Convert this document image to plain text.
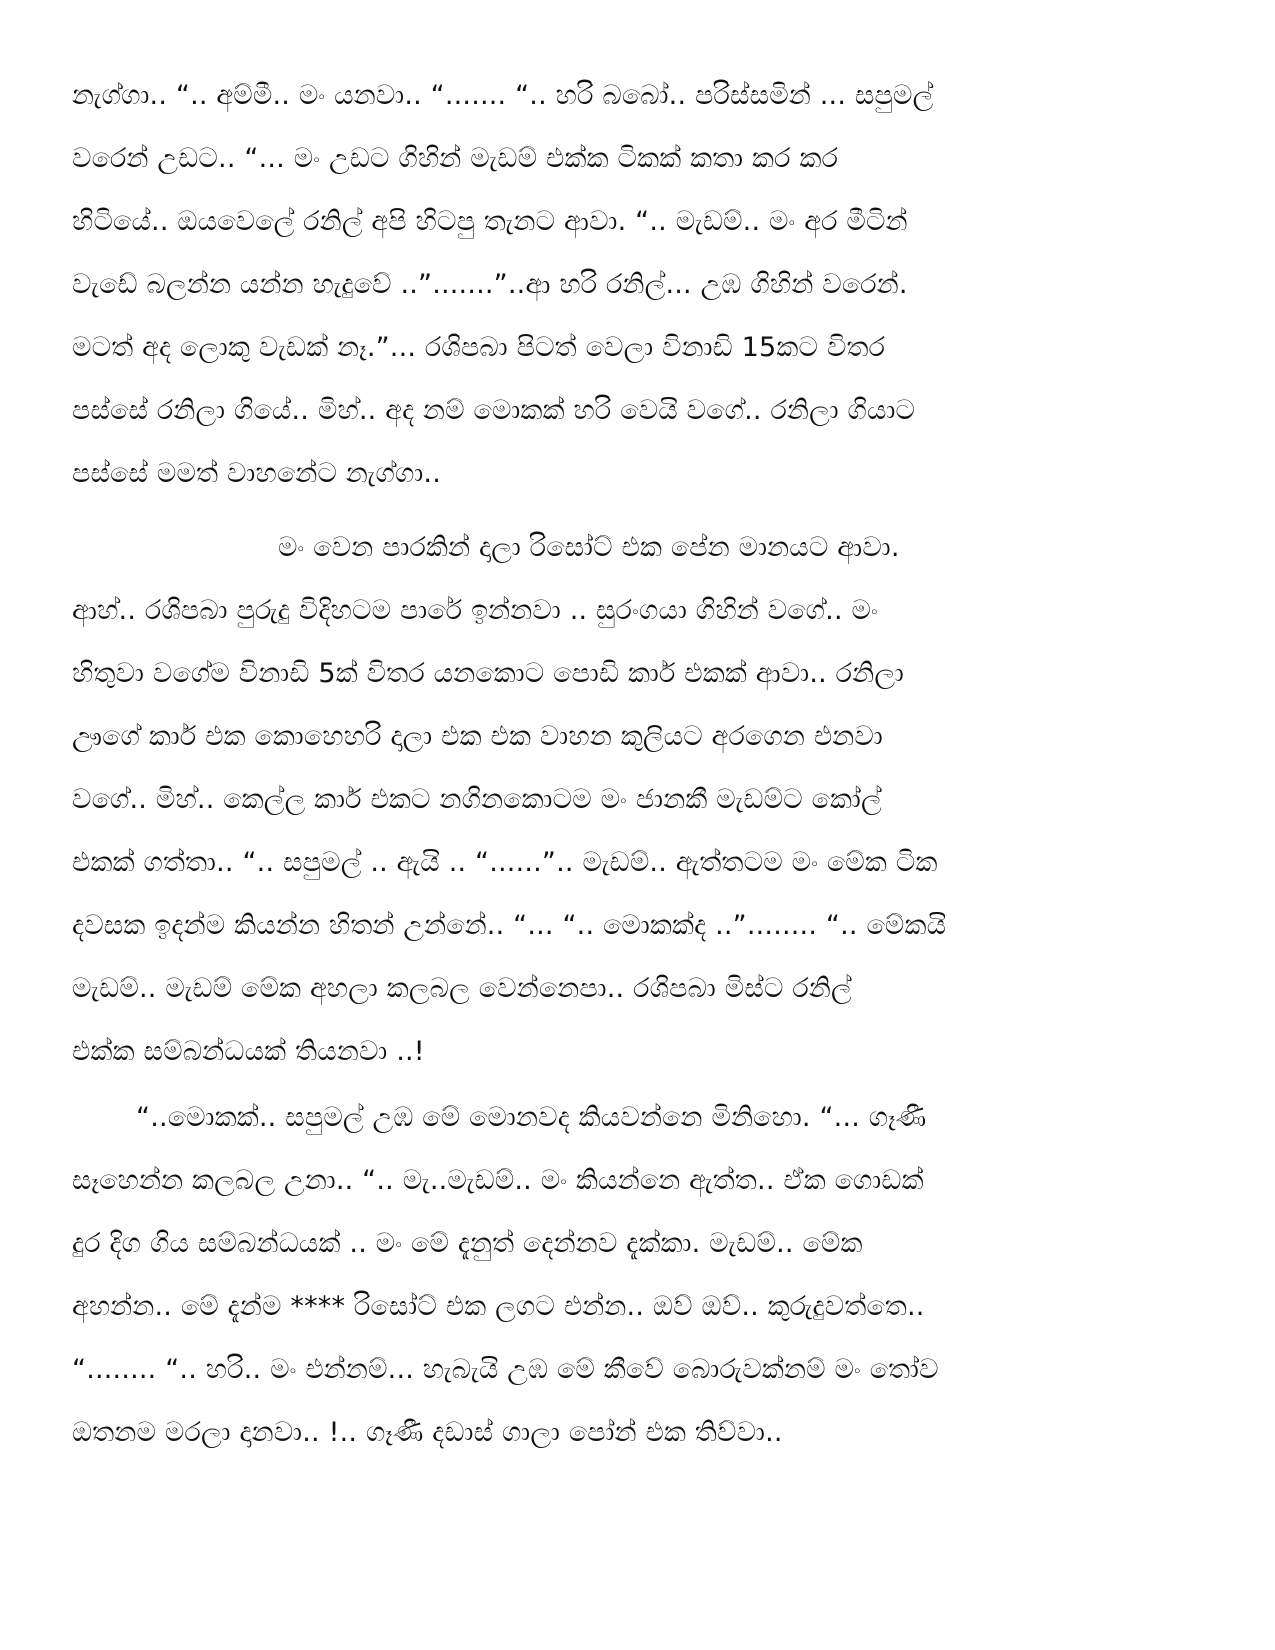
නැග්ගා.. “.. අම්මී.. මං යනවා.. “....... “.. හරි බබෝ.. පරිස්සමින් ... සපුමල්
වරෙන් උඩට.. “... මං උඩට ගිහින් මැඩම් එක්ක ටිකක් කතා කර කර
හිටියේ.. ඔයවෙලේ රනිල් අපි හිටපු තැනට ආවා. “.. මැඩම්.. මං අර මීටින්
වැඩේ බලන්න යන්න හැදුවේ ..”.......”..ආ හරි රනිල්... උඹ ගිහින් වරෙන්.
මටත් අද ලොකු වැඩක් නෑ.”... රශිපබා පිටත් වෙලා විනාඩි 15කට විතර
පස්සේ රනිලා ගියේ.. මිහ්.. අද නම් මොකක් හරි වෙයි වගේ.. රනිලා ගියාට
පස්සේ මමත් වාහනේට නැග්ගා..
මං වෙන පාරකින් දාලා රිසෝට් එක පේන මානයට ආවා.
ආහ්.. රශිපබා පුරුදු විදිහටම පාරේ ඉන්නවා .. සුරංගයා ගිහින් වගේ.. මං
හිතුවා වගේම විනාඩි 5ක් විතර යනකොට පොඩි කාර් එකක් ආවා.. රනිලා
ඌගේ කාර් එක කොහෙහරි දාලා එක එක වාහන කුලියට අරගෙන එනවා
වගේ.. මිහ්.. කෙල්ල කාර් එකට නගිනකොටම මං ජානකී මැඩම්ට කෝල්
එකක් ගත්තා.. “.. සපුමල් .. ඇයි .. “......”.. මැඩම්.. ඇත්තටම මං මේක ටික
දවසක ඉදන්ම කියන්න හිතන් උන්නේ.. “... “.. මොකක්ද ..”........ “.. මේකයි
මැඩම්.. මැඩම් මේක අහලා කලබල වෙන්නෙපා.. රශිපබා මිස්ට රනිල්
එක්ක සම්බන්ධයක් තියනවා ..!
“..මොකක්.. සපුමල් උඹ මේ මොනවද කියවන්නෙ මිනිහො. “... ගෑණී
සෑහෙන්න කලබල උනා.. “.. මැ..මැඩම්.. මං කියන්නෙ ඇත්ත.. ඒක ගොඩක්
දුර දිග ගිය සම්බන්ධයක් .. මං මේ දැනුත් දෙන්නව දැක්කා. මැඩම්.. මේක
අහන්න.. මේ දැන්ම **** රිසෝට් එක ලගට එන්න.. ඔව් ඔව්.. කුරුදුවත්තෙ..
“........ “.. හරි.. මං එන්නම්... හැබැයි උඹ මේ කීවේ බොරුවක්නම් මං තෝව
ඔතනම මරලා දානවා.. !.. ගෑණී දඩාස් ගාලා පෝන් එක තිව්වා..
